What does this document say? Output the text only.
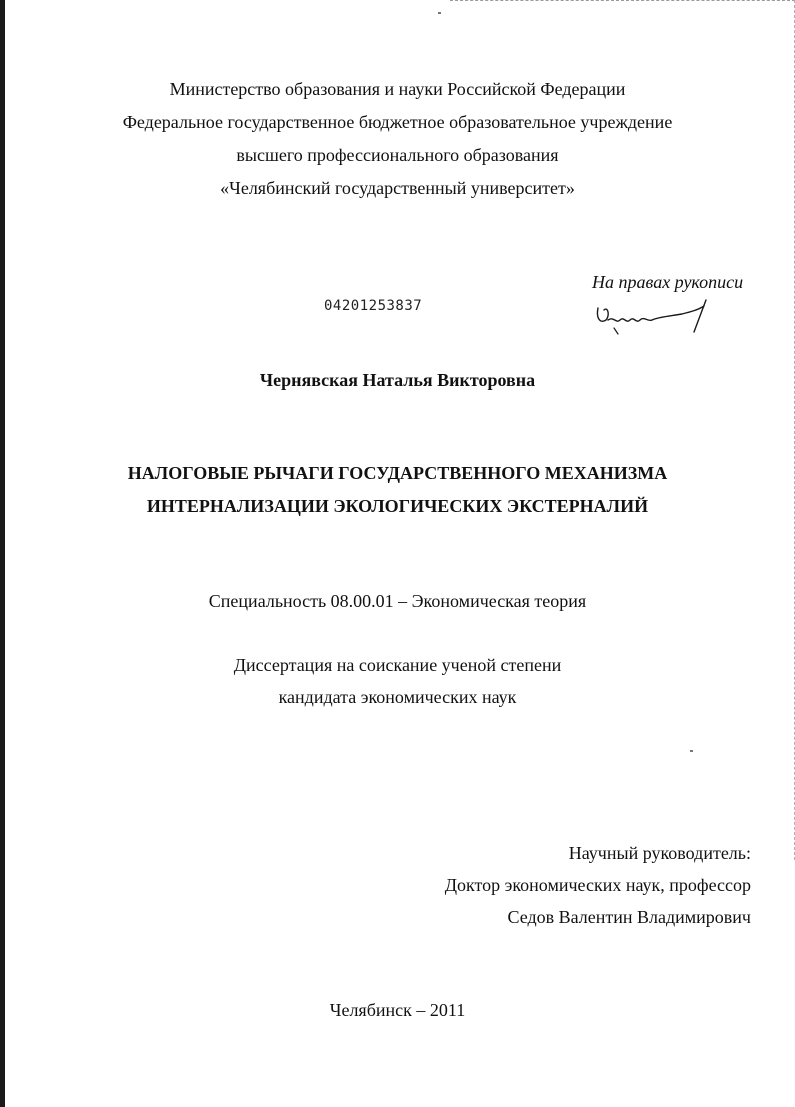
Министерство образования и науки Российской Федерации
Федеральное государственное бюджетное образовательное учреждение
высшего профессионального образования
«Челябинский государственный университет»
На правах рукописи
04201253837
Чернявская Наталья Викторовна
НАЛОГОВЫЕ РЫЧАГИ ГОСУДАРСТВЕННОГО МЕХАНИЗМА
ИНТЕРНАЛИЗАЦИИ ЭКОЛОГИЧЕСКИХ ЭКСТЕРНАЛИЙ
Специальность 08.00.01 – Экономическая теория
Диссертация на соискание ученой степени
кандидата экономических наук
Научный руководитель:
Доктор экономических наук, профессор
Седов Валентин Владимирович
Челябинск – 2011
